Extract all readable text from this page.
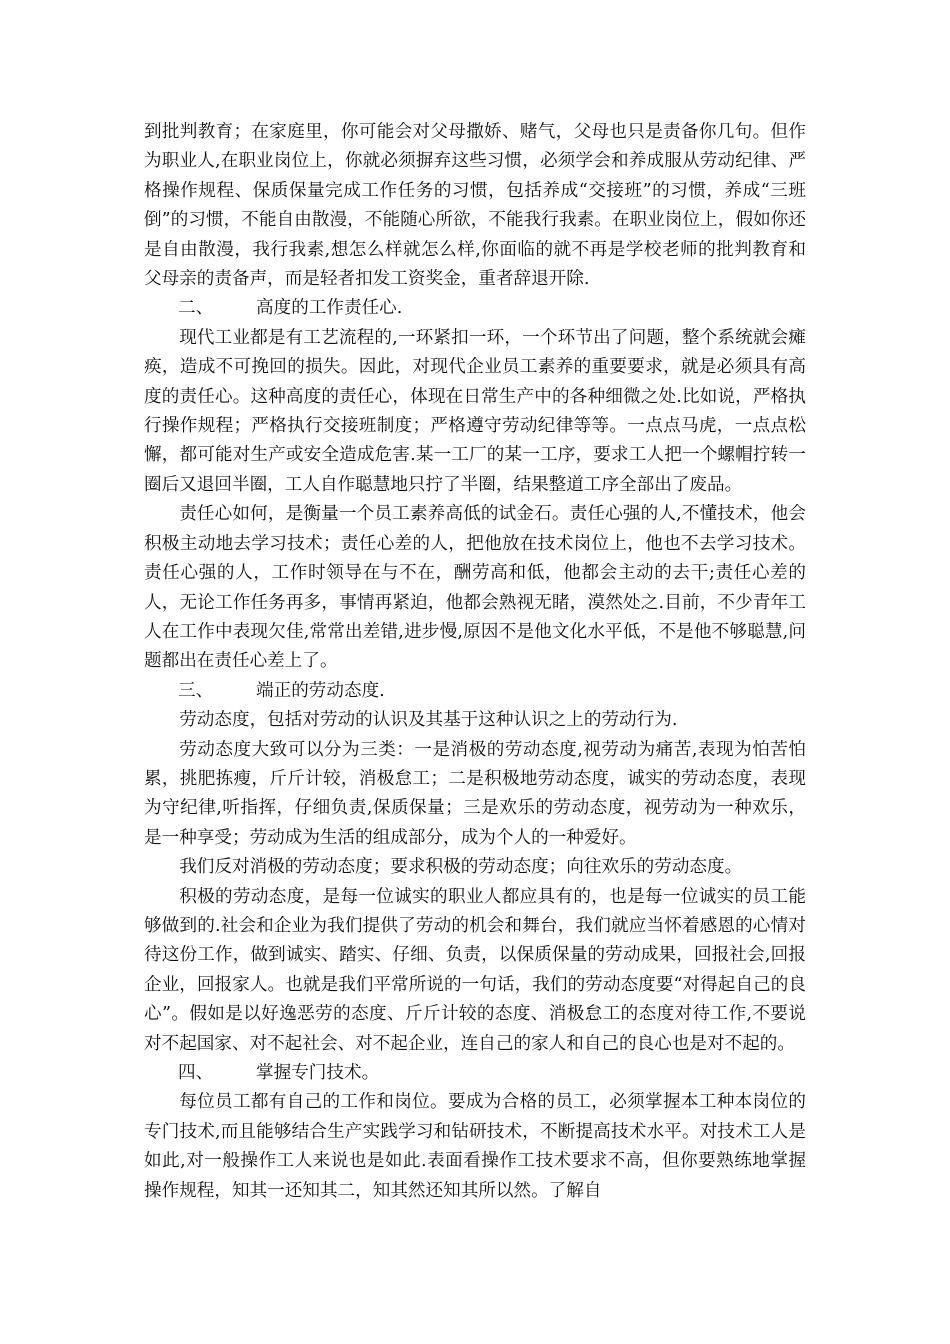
到批判教育；在家庭里，你可能会对父母撒娇、赌气，父母也只是责备你几句。但作为职业人,在职业岗位上，你就必须摒弃这些习惯，必须学会和养成服从劳动纪律、严格操作规程、保质保量完成工作任务的习惯，包括养成“交接班”的习惯，养成“三班倒”的习惯，不能自由散漫，不能随心所欲，不能我行我素。在职业岗位上，假如你还是自由散漫，我行我素,想怎么样就怎么样,你面临的就不再是学校老师的批判教育和父母亲的责备声，而是轻者扣发工资奖金，重者辞退开除.

二、 高度的工作责任心.

现代工业都是有工艺流程的,一环紧扣一环，一个环节出了问题，整个系统就会瘫痪，造成不可挽回的损失。因此，对现代企业员工素养的重要要求，就是必须具有高度的责任心。这种高度的责任心，体现在日常生产中的各种细微之处.比如说，严格执行操作规程；严格执行交接班制度；严格遵守劳动纪律等等。一点点马虎，一点点松懈，都可能对生产或安全造成危害.某一工厂的某一工序，要求工人把一个螺帽拧转一圈后又退回半圈，工人自作聪慧地只拧了半圈，结果整道工序全部出了废品。

责任心如何，是衡量一个员工素养高低的试金石。责任心强的人,不懂技术，他会积极主动地去学习技术；责任心差的人，把他放在技术岗位上，他也不去学习技术。责任心强的人，工作时领导在与不在，酬劳高和低，他都会主动的去干;责任心差的人，无论工作任务再多，事情再紧迫，他都会熟视无睹，漠然处之.目前，不少青年工人在工作中表现欠佳,常常出差错,进步慢,原因不是他文化水平低，不是他不够聪慧,问题都出在责任心差上了。

三、 端正的劳动态度.

劳动态度，包括对劳动的认识及其基于这种认识之上的劳动行为.

劳动态度大致可以分为三类：一是消极的劳动态度,视劳动为痛苦,表现为怕苦怕累，挑肥拣瘦，斤斤计较，消极怠工；二是积极地劳动态度，诚实的劳动态度，表现为守纪律,听指挥，仔细负责,保质保量；三是欢乐的劳动态度，视劳动为一种欢乐，是一种享受；劳动成为生活的组成部分，成为个人的一种爱好。

我们反对消极的劳动态度；要求积极的劳动态度；向往欢乐的劳动态度。

积极的劳动态度，是每一位诚实的职业人都应具有的，也是每一位诚实的员工能够做到的.社会和企业为我们提供了劳动的机会和舞台，我们就应当怀着感恩的心情对待这份工作，做到诚实、踏实、仔细、负责，以保质保量的劳动成果，回报社会,回报企业，回报家人。也就是我们平常所说的一句话，我们的劳动态度要“对得起自己的良心”。假如是以好逸恶劳的态度、斤斤计较的态度、消极怠工的态度对待工作,不要说对不起国家、对不起社会、对不起企业，连自己的家人和自己的良心也是对不起的。

四、 掌握专门技术。

每位员工都有自己的工作和岗位。要成为合格的员工，必须掌握本工种本岗位的专门技术,而且能够结合生产实践学习和钻研技术，不断提高技术水平。对技术工人是如此,对一般操作工人来说也是如此.表面看操作工技术要求不高，但你要熟练地掌握操作规程，知其一还知其二，知其然还知其所以然。了解自
